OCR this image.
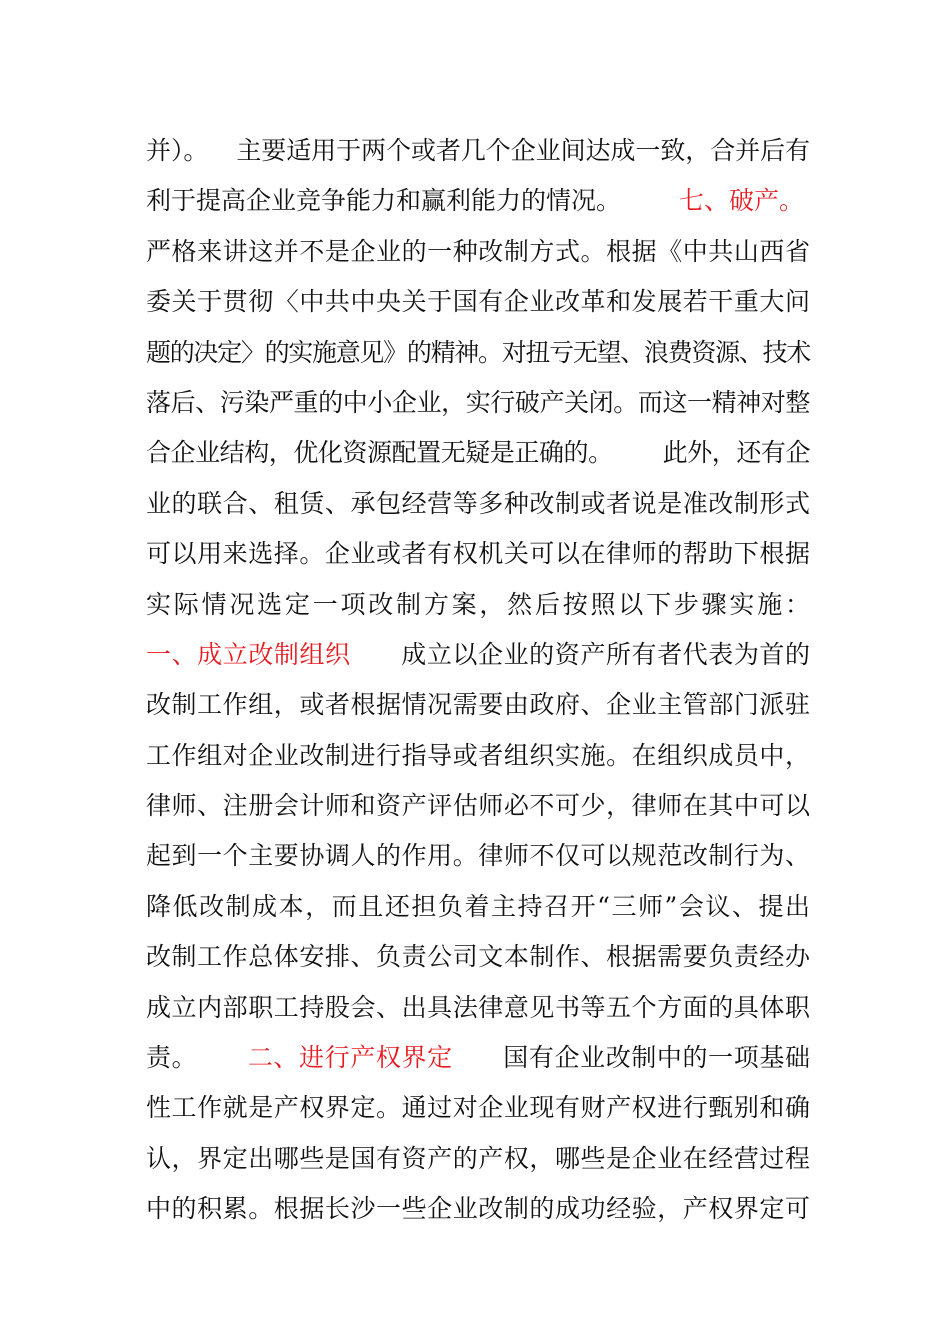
并）。 主要适用于两个或者几个企业间达成一致，合并后有
利于提高企业竞争能力和赢利能力的情况。 七、破产。
严格来讲这并不是企业的一种改制方式。根据《中共山西省
委关于贯彻〈中共中央关于国有企业改革和发展若干重大问
题的决定〉的实施意见》的精神。对扭亏无望、浪费资源、技术
落后、污染严重的中小企业，实行破产关闭。而这一精神对整
合企业结构，优化资源配置无疑是正确的。 此外，还有企
业的联合、租赁、承包经营等多种改制或者说是准改制形式
可以用来选择。企业或者有权机关可以在律师的帮助下根据
实际情况选定一项改制方案，然后按照以下步骤实施：
一、成立改制组织 成立以企业的资产所有者代表为首的
改制工作组，或者根据情况需要由政府、企业主管部门派驻
工作组对企业改制进行指导或者组织实施。在组织成员中，
律师、注册会计师和资产评估师必不可少，律师在其中可以
起到一个主要协调人的作用。律师不仅可以规范改制行为、
降低改制成本，而且还担负着主持召开“三师”会议、提出
改制工作总体安排、负责公司文本制作、根据需要负责经办
成立内部职工持股会、出具法律意见书等五个方面的具体职
责。 二、进行产权界定 国有企业改制中的一项基础
性工作就是产权界定。通过对企业现有财产权进行甄别和确
认，界定出哪些是国有资产的产权，哪些是企业在经营过程
中的积累。根据长沙一些企业改制的成功经验，产权界定可
